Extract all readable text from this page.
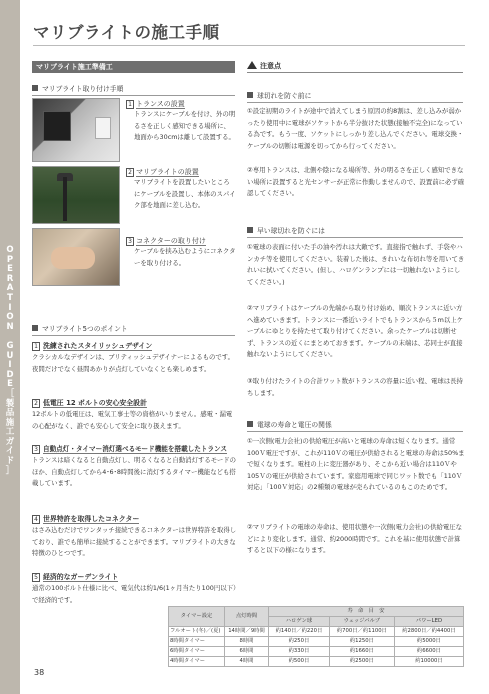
O
P
E
R
A
T
I
O
N

G
U
I
D
E
［
製
品
施
工
ガ
イ
ド
］
マリブライトの施工手順
マリブライト施工準備工
マリブライト取り付け手順
1 トランスの設置
トランスにケーブルを付け、外の明るさを正しく感知できる場所に、地面から30cmは離して設置する。
2 マリブライトの設置
マリブライトを設置したいところにケーブルを設置し、本体のスパイク部を地面に差し込む。
3 コネクターの取り付け
ケーブルを挟み込むようにコネクターを取り付ける。
マリブライト5つのポイント
1 洗練されたスタイリッシュデザイン
クラシカルなデザインは、ブリティッシュデザイナーによるものです。夜間だけでなく昼間あかりが点灯していなくとも楽しめます。
2 低電圧 12 ボルトの安心安全設計
12ボルトの低電圧は、電気工事士等の資格がいりません。感電・漏電の心配がなく、誰でも安心して安全に取り扱えます。
3 自動点灯・タイマー消灯選べるモード機能を搭載したトランス
トランスは暗くなると自動点灯し、明るくなると自動消灯するモードのほか、自動点灯してから4･6･8時間後に消灯するタイマー機能なども搭載しています。
4 世界特許を取得したコネクター
はさみ込むだけでワンタッチ接続できるコネクターは世界特許を取得しており、誰でも簡単に接続することができます。マリブライトの大きな特徴のひとつです。
5 経済的なガーデンライト
通常の100ボルト仕様に比べ、電気代は約1/6(1ヶ月当たり100円以下）で経済的です。
注意点
球切れを防ぐ前に
①設定初期のライトが途中で消えてしまう原因の約8割は、差し込みが弱かったり使用中に電球がソケットから半分抜けた状態(接触不完全)になっている為です。もう一度、ソケットにしっかり差し込んでください。電球交換・ケーブルの切断は電源を切ってから行ってください。
②専用トランスは、北側や陰になる場所等、外の明るさを正しく感知できない場所に設置すると光センサーが正常に作動しませんので、設置前に必ず確認してください。
早い球切れを防ぐには
①電球の表面に付いた手の油や汚れは大敵です。直接指で触れず、手袋やハンカチ等を使用してください。装着した後は、きれいな布切れ等を用いてきれいに拭いてください。(但し、ハロゲンランプには一切触れないようにしてください。)
②マリブライトはケーブルの先端から取り付け始め、順次トランスに近い方へ進めていきます。トランスに一番近いライトでもトランスから５m以上ケーブルにゆとりを持たせて取り付けてください。余ったケーブルは切断せず、トランスの近くにまとめておきます。ケーブルの末端は、芯同士が直接触れないようにしてください。
③取り付けたライトの合計ワット数がトランスの容量に近い程、電球は長持ちします。
電球の寿命と電圧の関係
①一次側(電力会社)の供給電圧が高いと電球の寿命は短くなります。通常100Ｖ電圧ですが、これが110Ｖの電圧が供給されると電球の寿命は50%まで短くなります。電柱の上に変圧器があり、そこから近い場合は110Ｖや105Ｖの電圧が供給されています。家庭用電球で同じワット数でも「110Ｖ対応」「100Ｖ対応」の2種類の電球が売られているのもこのためです。
②マリブライトの電球の寿命は、使用状態や一次側(電力会社)の供給電圧などにより変化します。通常、約2000時間です。これを基に使用状態で計算すると以下の様になります。
タイマー設定	点灯時間	寿　命　目　安		
		ハロゲン球	ウェッジバルブ	パワーLED
フルオート(冬)／(夏)	14時間／9時間	約140日／約220日	約700日／約1100日	約2800日／約4400日
8時間タイマー	8時間	約250日	約1250日	約5000日
6時間タイマー	6時間	約330日	約1660日	約6600日
4時間タイマー	4時間	約500日	約2500日	約10000日
38
